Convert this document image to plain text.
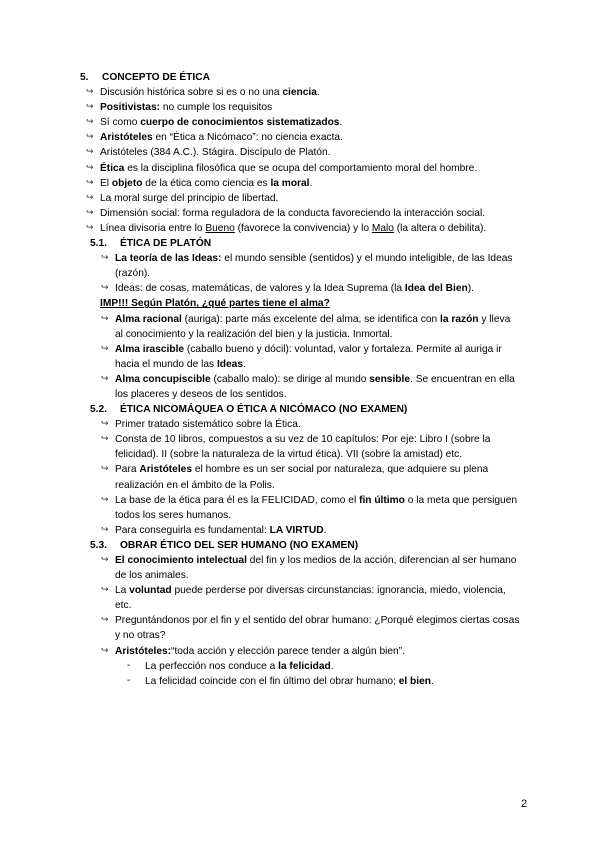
5. CONCEPTO DE ÉTICA
↪ Discusión histórica sobre si es o no una ciencia.
↪ Positivistas: no cumple los requisitos
↪ Sí como cuerpo de conocimientos sistematizados.
↪ Aristóteles en “Ética a Nicómaco”: no ciencia exacta.
↪ Aristóteles (384 A.C.). Stágira. Discípulo de Platón.
↪ Ética es la disciplina filosófica que se ocupa del comportamiento moral del hombre.
↪ El objeto de la ética como ciencia es la moral.
↪ La moral surge del principio de libertad.
↪ Dimensión social: forma reguladora de la conducta favoreciendo la interacción social.
↪ Línea divisoria entre lo Bueno (favorece la convivencia) y lo Malo (la altera o debilita).
5.1. ÉTICA DE PLATÓN
↪ La teoría de las Ideas: el mundo sensible (sentidos) y el mundo inteligible, de las Ideas (razón).
↪ Ideas: de cosas, matemáticas, de valores y la Idea Suprema (la Idea del Bien).
IMP!!! Según Platón, ¿qué partes tiene el alma?
↪ Alma racional (auriga): parte más excelente del alma, se identifica con la razón y lleva al conocimiento y la realización del bien y la justicia. Inmortal.
↪ Alma irascible (caballo bueno y dócil): voluntad, valor y fortaleza. Permite al auriga ir hacia el mundo de las Ideas.
↪ Alma concupiscible (caballo malo): se dirige al mundo sensible. Se encuentran en ella los placeres y deseos de los sentidos.
5.2. ÉTICA NICOMÁQUEA O ÉTICA A NICÓMACO (NO EXAMEN)
↪ Primer tratado sistemático sobre la Ética.
↪ Consta de 10 libros, compuestos a su vez de 10 capítulos: Por eje: Libro I (sobre la felicidad). II (sobre la naturaleza de la virtud ética). VII (sobre la amistad) etc.
↪ Para Aristóteles el hombre es un ser social por naturaleza, que adquiere su plena realización en el ámbito de la Polis.
↪ La base de la ética para él es la FELICIDAD, como el fin último o la meta que persiguen todos los seres humanos.
↪ Para conseguirla es fundamental: LA VIRTUD.
5.3. OBRAR ÉTICO DEL SER HUMANO (NO EXAMEN)
↪ El conocimiento intelectual del fin y los medios de la acción, diferencian al ser humano de los animales.
↪ La voluntad puede perderse por diversas circunstancias: ignorancia, miedo, violencia, etc.
↪ Preguntándonos por el fin y el sentido del obrar humano: ¿Porqué elegimos ciertas cosas y no otras?
↪ Aristóteles:“toda acción y elección parece tender a algún bien”.
- La perfección nos conduce a la felicidad.
- La felicidad coincide con el fin último del obrar humano; el bien.
2
